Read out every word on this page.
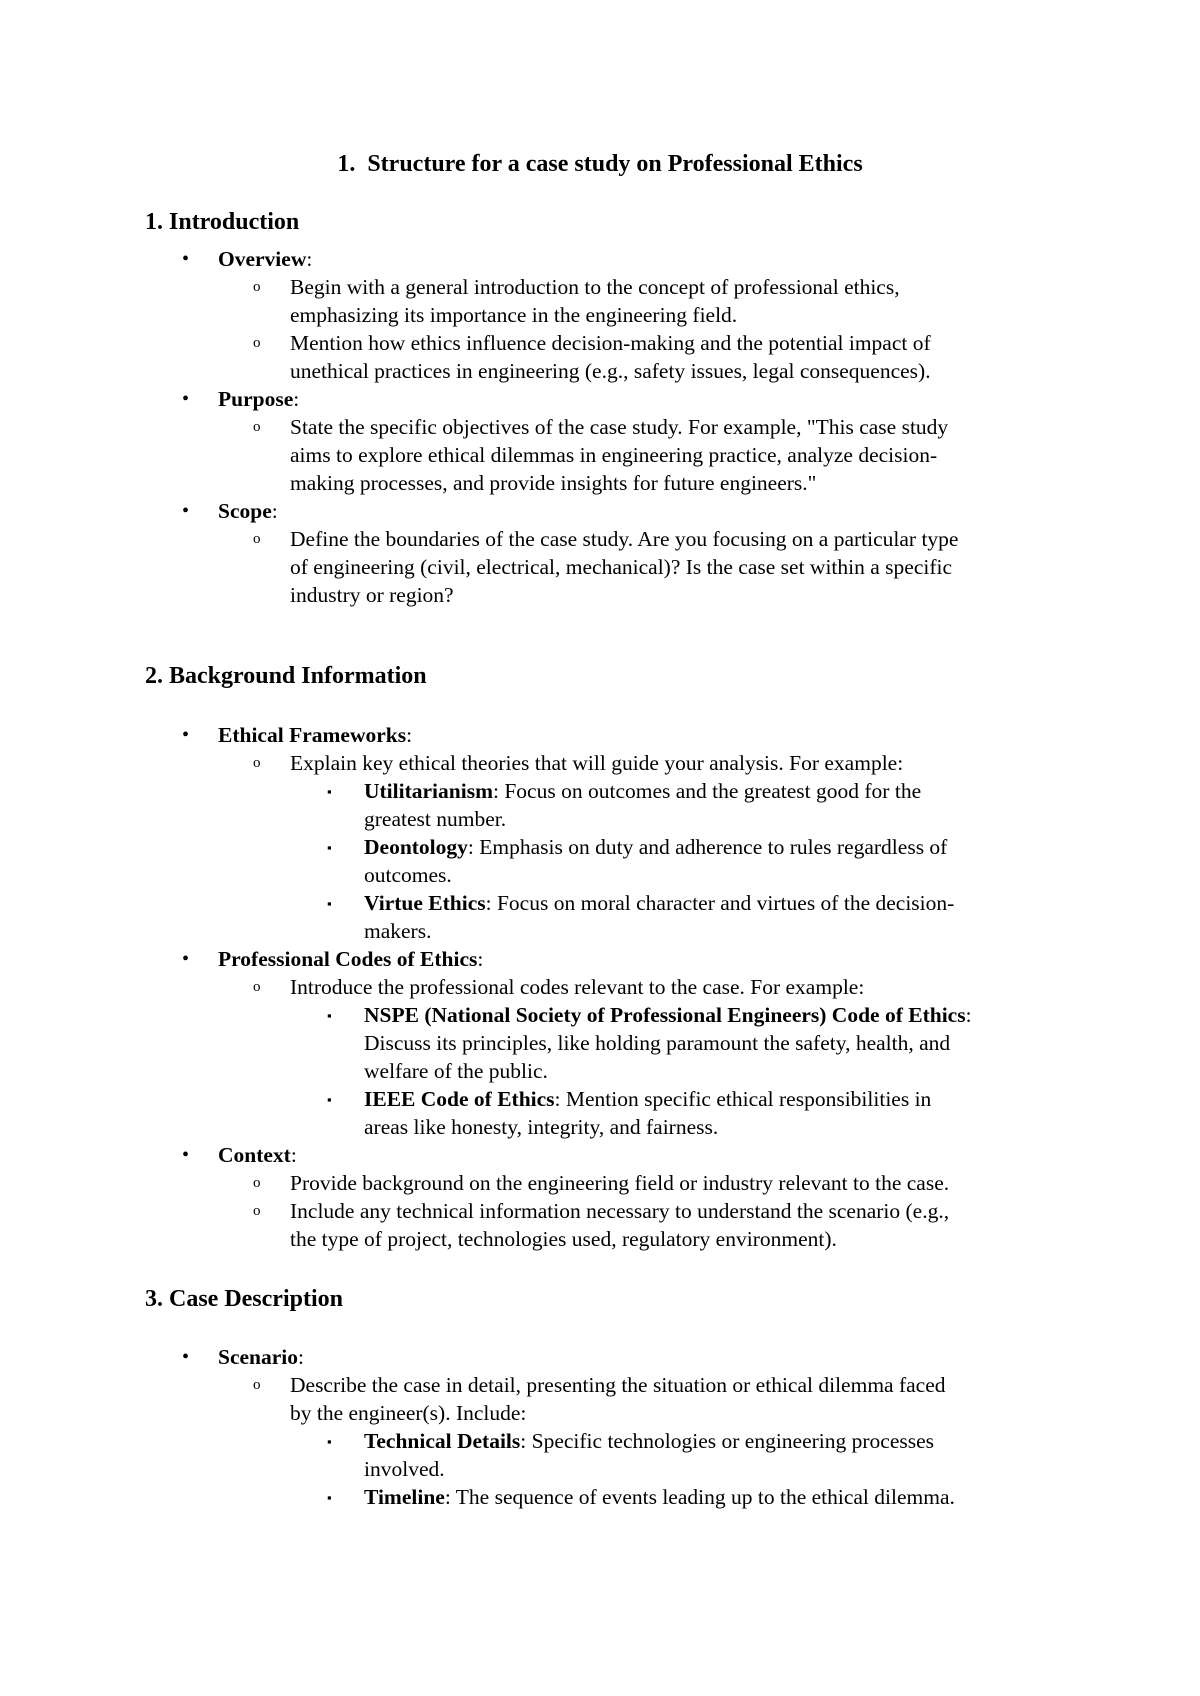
1. Structure for a case study on Professional Ethics
1. Introduction
• Overview:
o Begin with a general introduction to the concept of professional ethics,
emphasizing its importance in the engineering field.
o Mention how ethics influence decision-making and the potential impact of
unethical practices in engineering (e.g., safety issues, legal consequences).
• Purpose:
o State the specific objectives of the case study. For example, "This case study
aims to explore ethical dilemmas in engineering practice, analyze decision-
making processes, and provide insights for future engineers."
• Scope:
o Define the boundaries of the case study. Are you focusing on a particular type
of engineering (civil, electrical, mechanical)? Is the case set within a specific
industry or region?
2. Background Information
• Ethical Frameworks:
o Explain key ethical theories that will guide your analysis. For example:
▪ Utilitarianism: Focus on outcomes and the greatest good for the
greatest number.
▪ Deontology: Emphasis on duty and adherence to rules regardless of
outcomes.
▪ Virtue Ethics: Focus on moral character and virtues of the decision-
makers.
• Professional Codes of Ethics:
o Introduce the professional codes relevant to the case. For example:
▪ NSPE (National Society of Professional Engineers) Code of Ethics:
Discuss its principles, like holding paramount the safety, health, and
welfare of the public.
▪ IEEE Code of Ethics: Mention specific ethical responsibilities in
areas like honesty, integrity, and fairness.
• Context:
o Provide background on the engineering field or industry relevant to the case.
o Include any technical information necessary to understand the scenario (e.g.,
the type of project, technologies used, regulatory environment).
3. Case Description
• Scenario:
o Describe the case in detail, presenting the situation or ethical dilemma faced
by the engineer(s). Include:
▪ Technical Details: Specific technologies or engineering processes
involved.
▪ Timeline: The sequence of events leading up to the ethical dilemma.
